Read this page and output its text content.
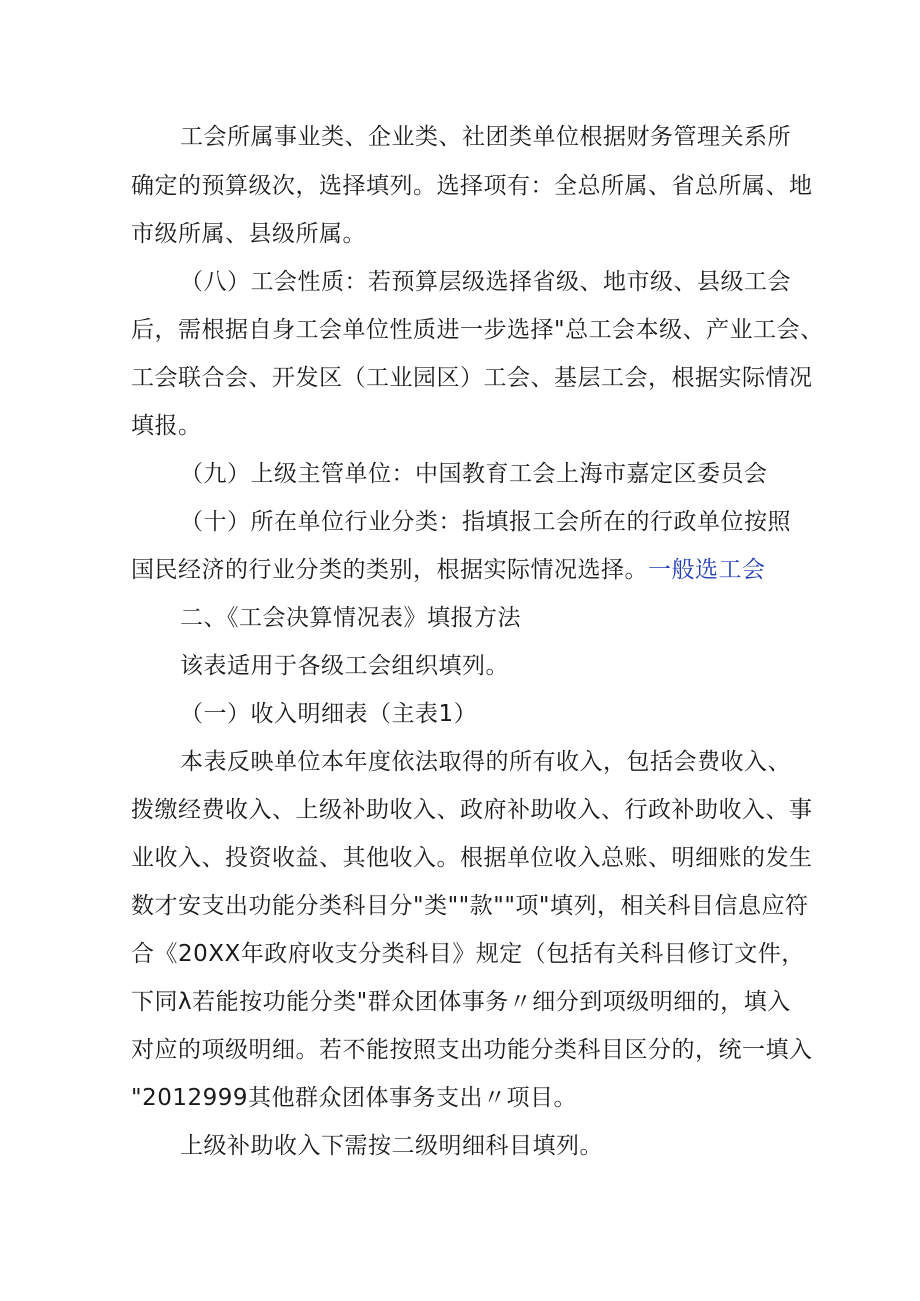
工会所属事业类、企业类、社团类单位根据财务管理关系所
确定的预算级次，选择填列。选择项有：全总所属、省总所属、地
市级所属、县级所属。
（八）工会性质：若预算层级选择省级、地市级、县级工会
后，需根据自身工会单位性质进一步选择"总工会本级、产业工会、
工会联合会、开发区（工业园区）工会、基层工会，根据实际情况
填报。
（九）上级主管单位：中国教育工会上海市嘉定区委员会
（十）所在单位行业分类：指填报工会所在的行政单位按照
国民经济的行业分类的类别，根据实际情况选择。一般选工会
二、《工会决算情况表》填报方法
该表适用于各级工会组织填列。
（一）收入明细表（主表1）
本表反映单位本年度依法取得的所有收入，包括会费收入、
拨缴经费收入、上级补助收入、政府补助收入、行政补助收入、事
业收入、投资收益、其他收入。根据单位收入总账、明细账的发生
数才安支出功能分类科目分"类""款""项"填列，相关科目信息应符
合《20XX年政府收支分类科目》规定（包括有关科目修订文件，
下同λ若能按功能分类"群众团体事务〃细分到项级明细的，填入
对应的项级明细。若不能按照支出功能分类科目区分的，统一填入
"2012999其他群众团体事务支出〃项目。
上级补助收入下需按二级明细科目填列。
